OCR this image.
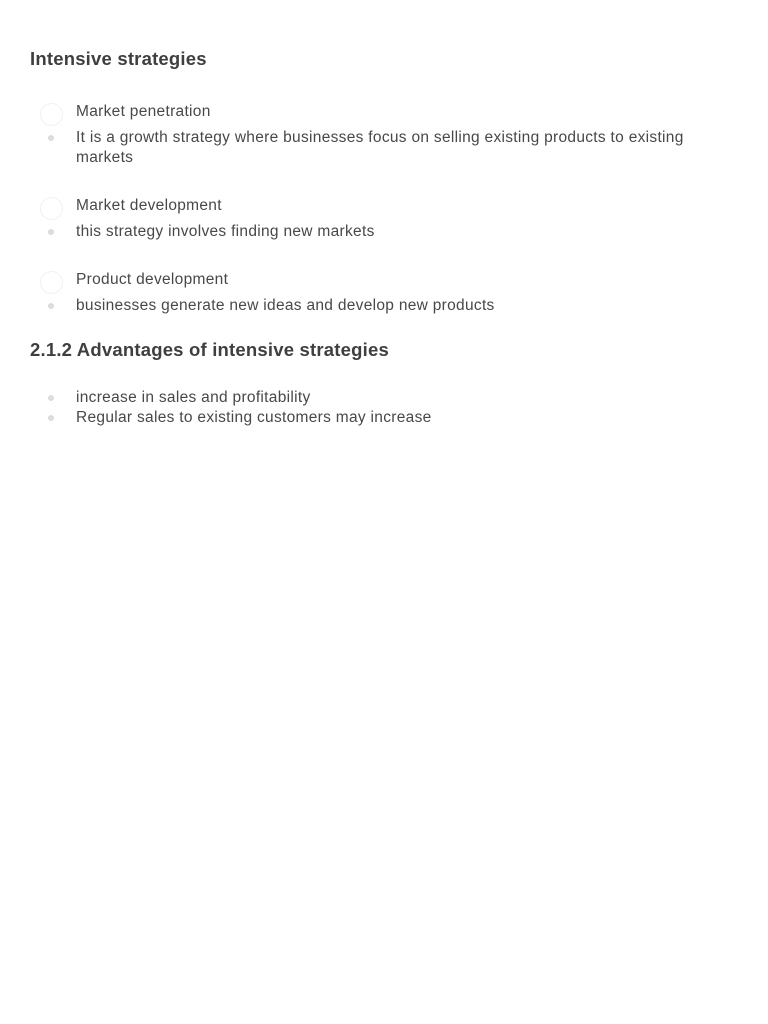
Intensive strategies
Market penetration
It is a growth strategy where businesses focus on selling existing products to existing markets
Market development
this strategy involves finding new markets
Product development
businesses generate new ideas and develop new products
2.1.2 Advantages of intensive strategies
increase in sales and profitability
Regular sales to existing customers may increase
